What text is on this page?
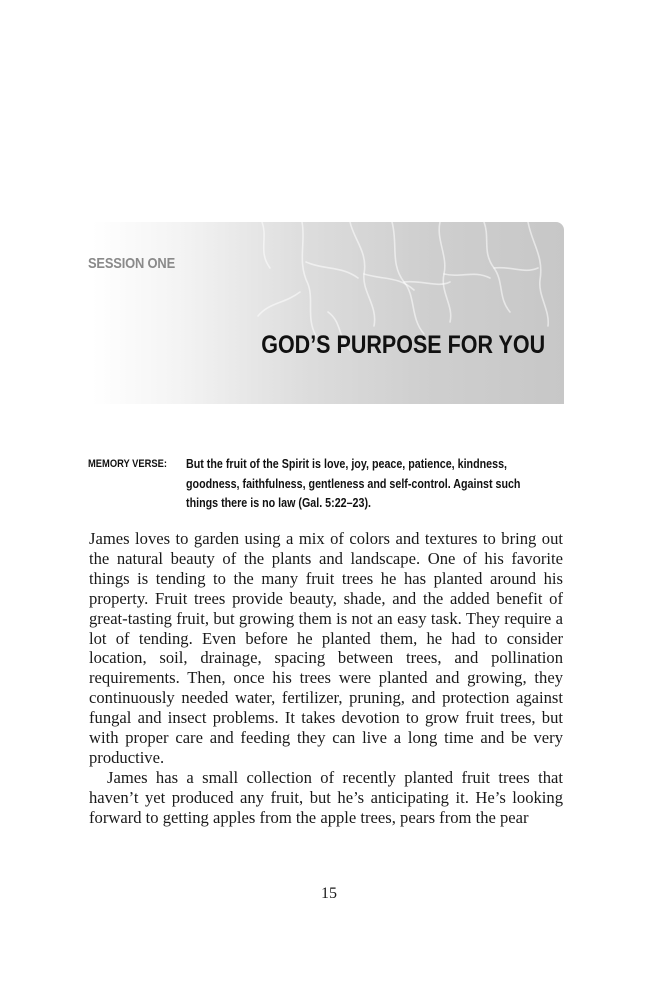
SESSION ONE
GOD’S PURPOSE FOR YOU
MEMORY VERSE: But the fruit of the Spirit is love, joy, peace, patience, kindness, goodness, faithfulness, gentleness and self-control. Against such things there is no law (Gal. 5:22–23).

James loves to garden using a mix of colors and textures to bring out the natural beauty of the plants and landscape. One of his favorite things is tending to the many fruit trees he has planted around his property. Fruit trees provide beauty, shade, and the added benefit of great-tasting fruit, but growing them is not an easy task. They require a lot of tending. Even before he planted them, he had to consider location, soil, drainage, spacing between trees, and pollination requirements. Then, once his trees were planted and growing, they continuously needed water, fertilizer, pruning, and protection against fungal and insect problems. It takes devotion to grow fruit trees, but with proper care and feeding they can live a long time and be very productive.

James has a small collection of recently planted fruit trees that haven’t yet produced any fruit, but he’s anticipating it. He’s looking forward to getting apples from the apple trees, pears from the pear

15
